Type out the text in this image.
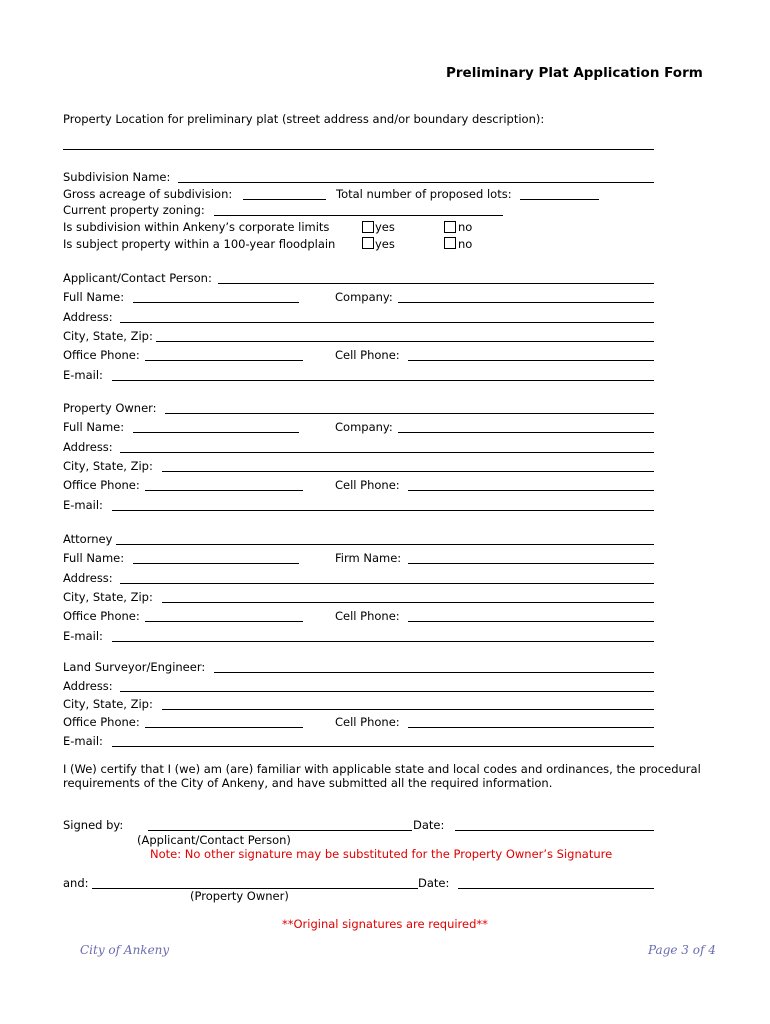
Preliminary Plat Application Form
Property Location for preliminary plat (street address and/or boundary description):
Subdivision Name:
Gross acreage of subdivision:	Total number of proposed lots:
Current property zoning:
Is subdivision within Ankeny’s corporate limits	yes	no
Is subject property within a 100-year floodplain	yes	no
Applicant/Contact Person:
Full Name:	Company:
Address:
City, State, Zip:
Office Phone:	Cell Phone:
E-mail:
Property Owner:
Full Name:	Company:
Address:
City, State, Zip:
Office Phone:	Cell Phone:
E-mail:
Attorney
Full Name:	Firm Name:
Address:
City, State, Zip:
Office Phone:	Cell Phone:
E-mail:
Land Surveyor/Engineer:
Address:
City, State, Zip:
Office Phone:	Cell Phone:
E-mail:
I (We) certify that I (we) am (are) familiar with applicable state and local codes and ordinances, the procedural
requirements of the City of Ankeny, and have submitted all the required information.
Signed by:	Date:
(Applicant/Contact Person)
Note: No other signature may be substituted for the Property Owner’s Signature
and:	Date:
(Property Owner)
**Original signatures are required**
City of Ankeny	Page 3 of 4
